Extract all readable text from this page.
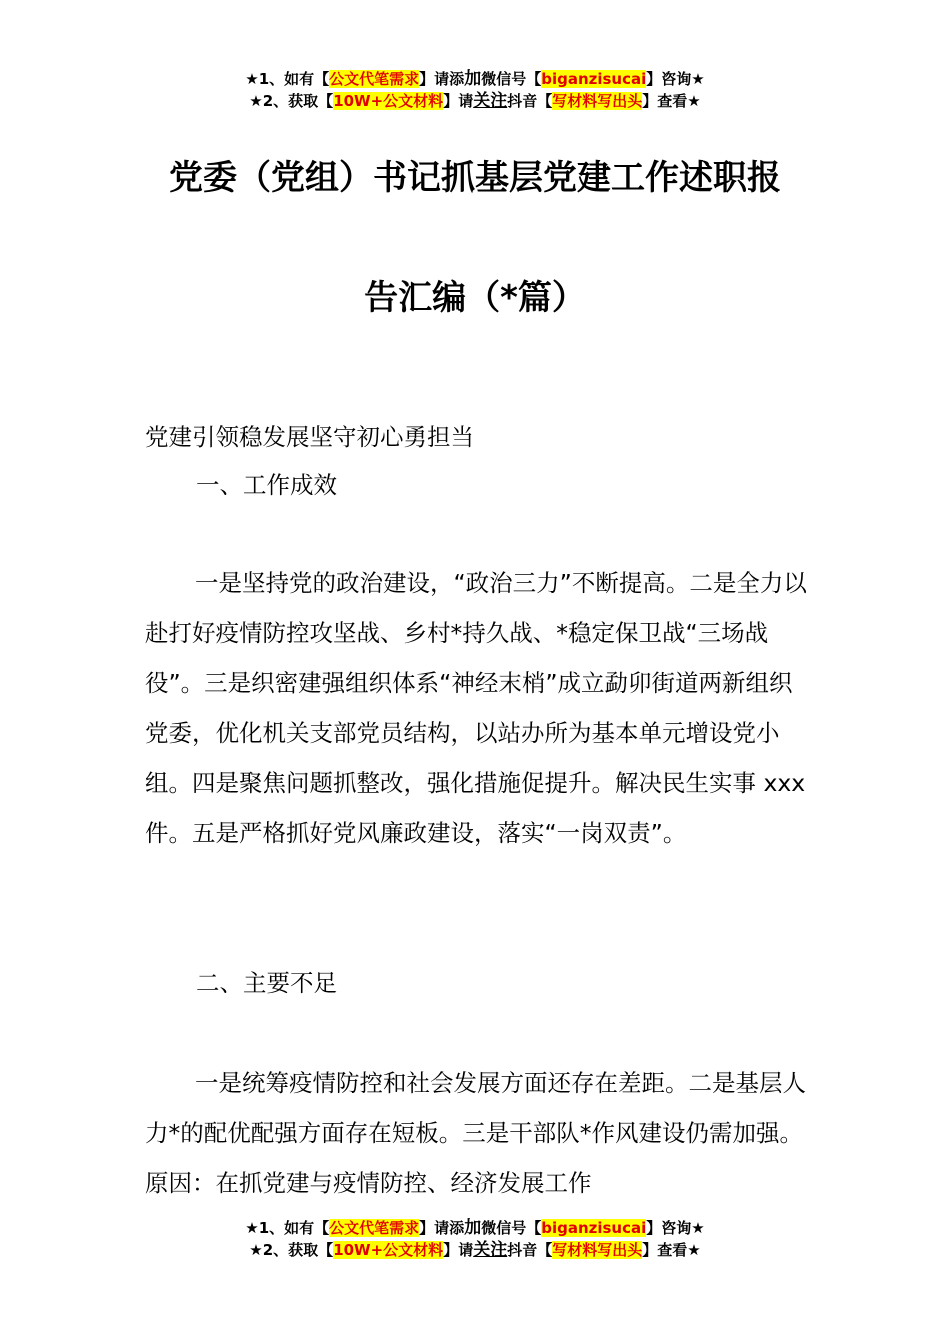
★1、如有【公文代笔需求】请添加微信号【biganzisucai】咨询★
★2、获取【10W+公文材料】请关注抖音【写材料写出头】查看★
党委（党组）书记抓基层党建工作述职报
告汇编（*篇）
党建引领稳发展坚守初心勇担当
一、工作成效
一是坚持党的政治建设，“政治三力”不断提高。二是全力以赴打好疫情防控攻坚战、乡村*持久战、*稳定保卫战“三场战役”。三是织密建强组织体系“神经末梢”成立勐卯街道两新组织党委，优化机关支部党员结构，以站办所为基本单元增设党小组。四是聚焦问题抓整改，强化措施促提升。解决民生实事 xxx 件。五是严格抓好党风廉政建设，落实“一岗双责”。
二、主要不足
一是统筹疫情防控和社会发展方面还存在差距。二是基层人力*的配优配强方面存在短板。三是干部队*作风建设仍需加强。原因：在抓党建与疫情防控、经济发展工作
★1、如有【公文代笔需求】请添加微信号【biganzisucai】咨询★
★2、获取【10W+公文材料】请关注抖音【写材料写出头】查看★
